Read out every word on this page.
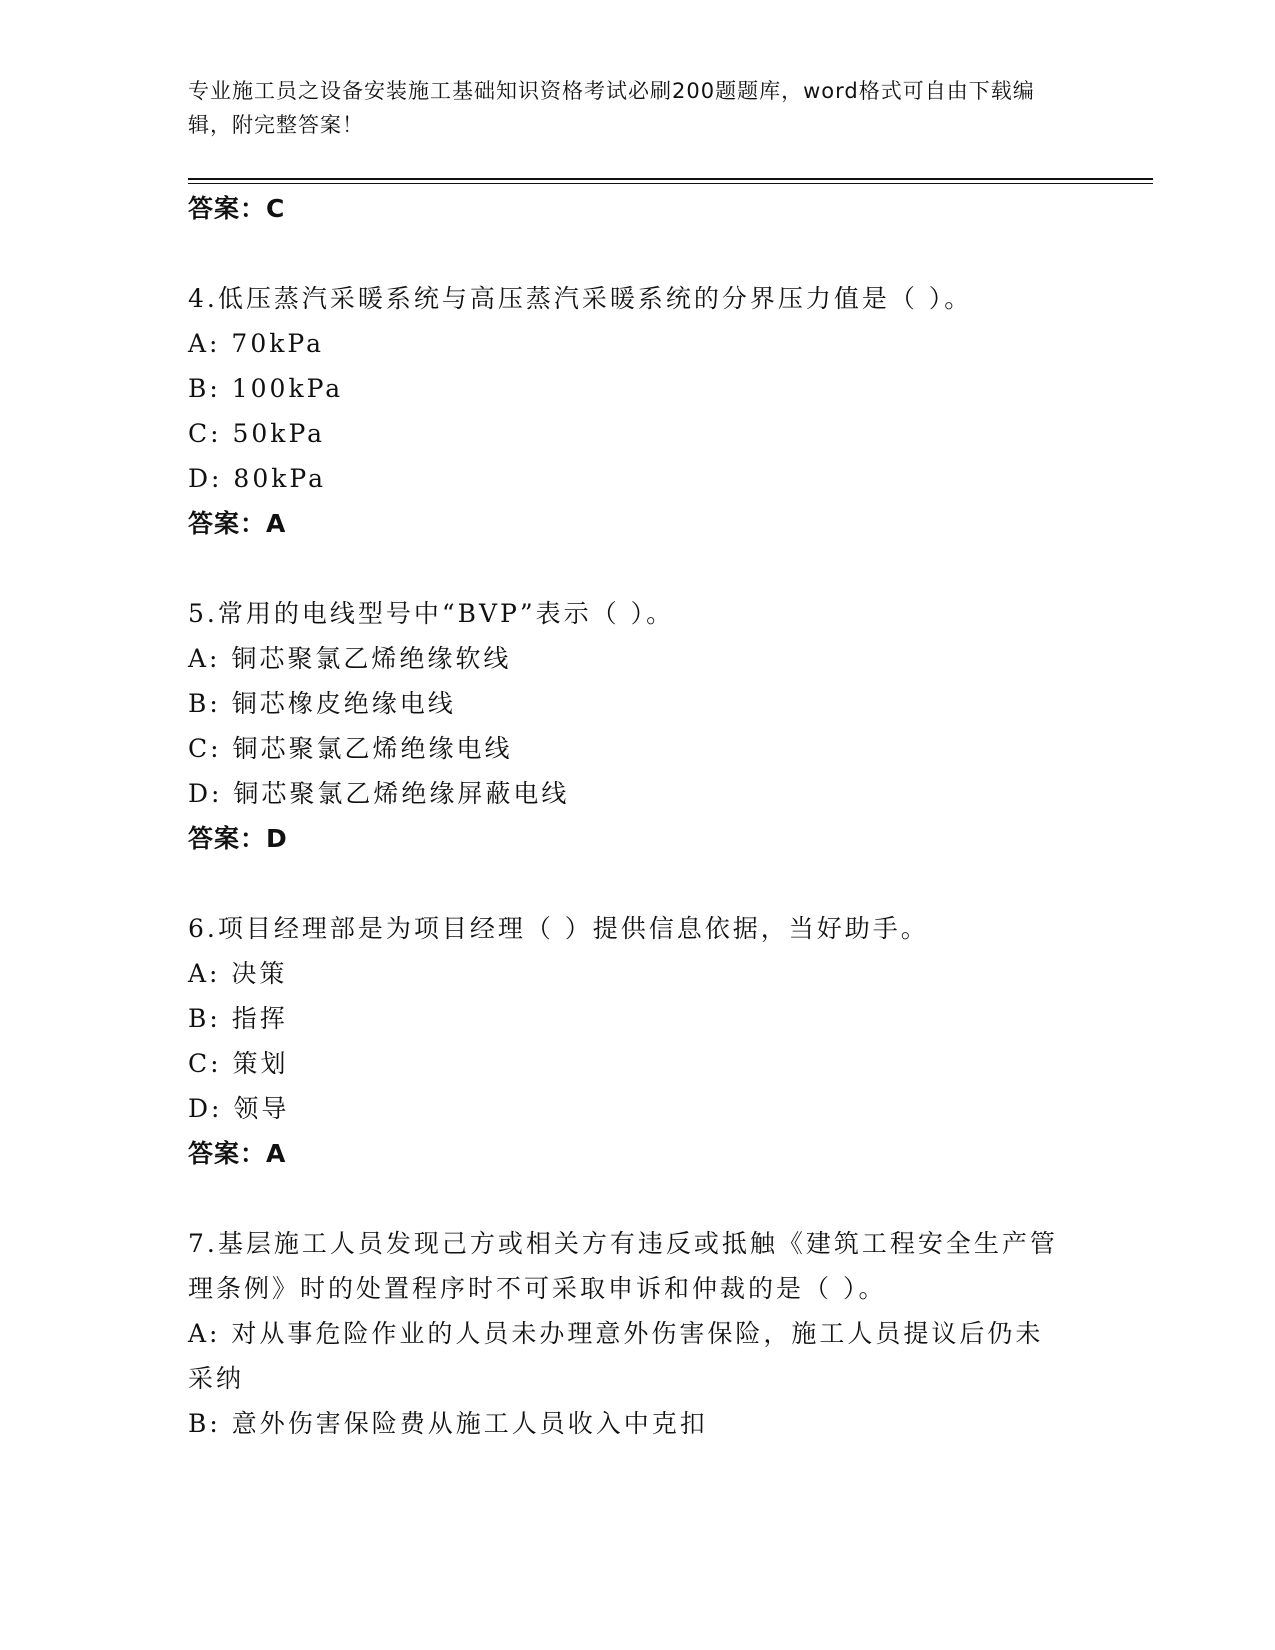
专业施工员之设备安装施工基础知识资格考试必刷200题题库，word格式可自由下载编辑，附完整答案！
答案：C
4.低压蒸汽采暖系统与高压蒸汽采暖系统的分界压力值是（ ）。
A: 70kPa
B: 100kPa
C: 50kPa
D: 80kPa
答案：A
5.常用的电线型号中“BVP”表示（ ）。
A: 铜芯聚氯乙烯绝缘软线
B: 铜芯橡皮绝缘电线
C: 铜芯聚氯乙烯绝缘电线
D: 铜芯聚氯乙烯绝缘屏蔽电线
答案：D
6.项目经理部是为项目经理（ ）提供信息依据，当好助手。
A: 决策
B: 指挥
C: 策划
D: 领导
答案：A
7.基层施工人员发现己方或相关方有违反或抵触《建筑工程安全生产管理条例》时的处置程序时不可采取申诉和仲裁的是（ ）。
A: 对从事危险作业的人员未办理意外伤害保险，施工人员提议后仍未采纳
B: 意外伤害保险费从施工人员收入中克扣
